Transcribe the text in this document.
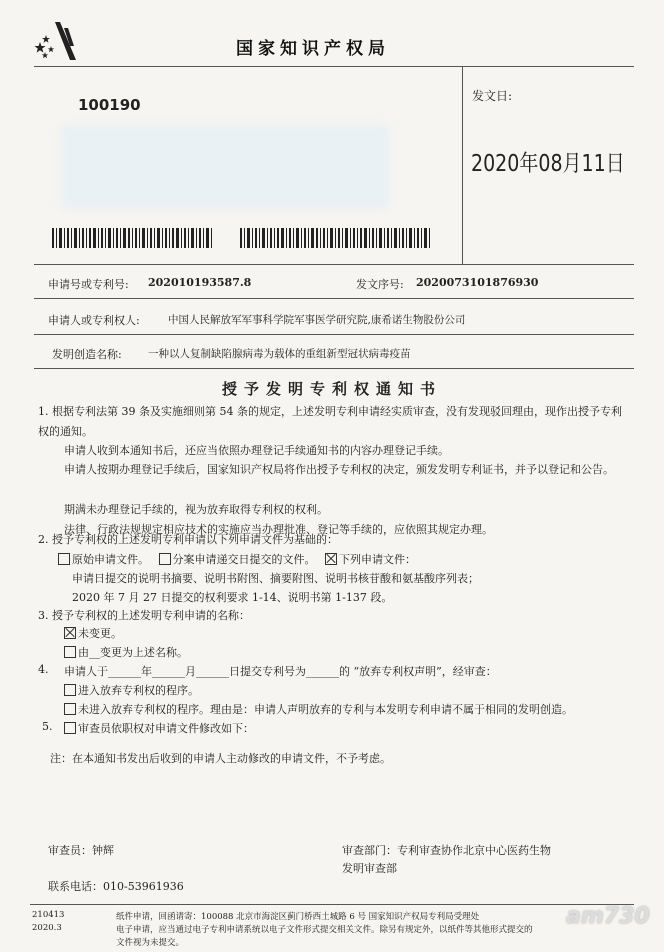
国家知识产权局
100190	发文日:
2020年08月11日
申请号或专利号: 202010193587.8	发文序号: 2020073101876930
申请人或专利权人:	中国人民解放军军事科学院军事医学研究院,康希诺生物股份公司
发明创造名称:	一种以人复制缺陷腺病毒为载体的重组新型冠状病毒疫苗
授予发明专利权通知书
1. 根据专利法第 39 条及实施细则第 54 条的规定，上述发明专利申请经实质审查，没有发现驳回理由，现作出授予专利权的通知。
申请人收到本通知书后，还应当依照办理登记手续通知书的内容办理登记手续。
申请人按期办理登记手续后，国家知识产权局将作出授予专利权的决定，颁发发明专利证书，并予以登记和公告。
期满未办理登记手续的，视为放弃取得专利权的权利。
法律、行政法规规定相应技术的实施应当办理批准、登记等手续的，应依照其规定办理。
2. 授予专利权的上述发明专利申请以下列申请文件为基础的：
原始申请文件。 分案申请递交日提交的文件。 下列申请文件：
申请日提交的说明书摘要、说明书附图、摘要附图、说明书核苷酸和氨基酸序列表；
2020 年 7 月 27 日提交的权利要求 1-14、说明书第 1-137 段。
3. 授予专利权的上述发明专利申请的名称：
未变更。
由__变更为上述名称。
4. 申请人于______年______月______日提交专利号为______的 “放弃专利权声明”，经审查：
进入放弃专利权的程序。
未进入放弃专利权的程序。理由是：申请人声明放弃的专利与本发明专利申请不属于相同的发明创造。
5.	审查员依职权对申请文件修改如下：
注：在本通知书发出后收到的申请人主动修改的申请文件，不予考虑。
审查员：钟辉	审查部门：专利审查协作北京中心医药生物
发明审查部
联系电话：010-53961936
210413
2020.3
纸件申请，回函请寄：100088 北京市海淀区蓟门桥西土城路 6 号 国家知识产权局专利局受理处
电子申请，应当通过电子专利申请系统以电子文件形式提交相关文件。除另有规定外，以纸件等其他形式提交的
文件视为未提交。
am730
